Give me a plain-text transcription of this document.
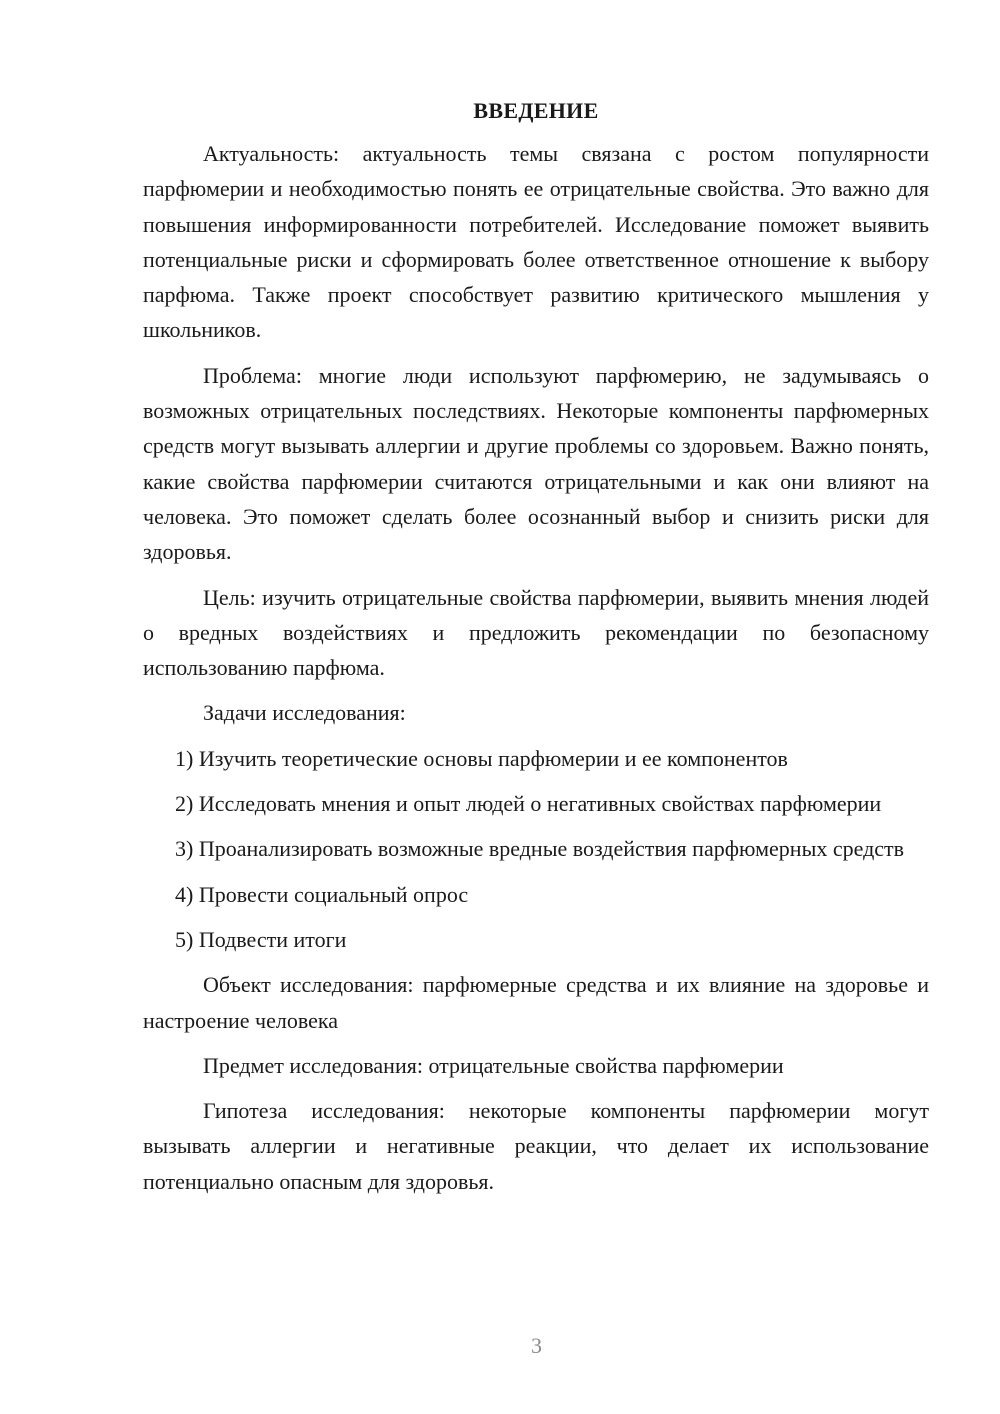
ВВЕДЕНИЕ

Актуальность: актуальность темы связана с ростом популярности парфюмерии и необходимостью понять ее отрицательные свойства. Это важно для повышения информированности потребителей. Исследование поможет выявить потенциальные риски и сформировать более ответственное отношение к выбору парфюма. Также проект способствует развитию критического мышления у школьников.

Проблема: многие люди используют парфюмерию, не задумываясь о возможных отрицательных последствиях. Некоторые компоненты парфюмерных средств могут вызывать аллергии и другие проблемы со здоровьем. Важно понять, какие свойства парфюмерии считаются отрицательными и как они влияют на человека. Это поможет сделать более осознанный выбор и снизить риски для здоровья.

Цель: изучить отрицательные свойства парфюмерии, выявить мнения людей о вредных воздействиях и предложить рекомендации по безопасному использованию парфюма.

Задачи исследования:

1) Изучить теоретические основы парфюмерии и ее компонентов

2) Исследовать мнения и опыт людей о негативных свойствах парфюмерии

3) Проанализировать возможные вредные воздействия парфюмерных средств

4) Провести социальный опрос

5) Подвести итоги

Объект исследования: парфюмерные средства и их влияние на здоровье и настроение человека

Предмет исследования: отрицательные свойства парфюмерии

Гипотеза исследования: некоторые компоненты парфюмерии могут вызывать аллергии и негативные реакции, что делает их использование потенциально опасным для здоровья.

3
